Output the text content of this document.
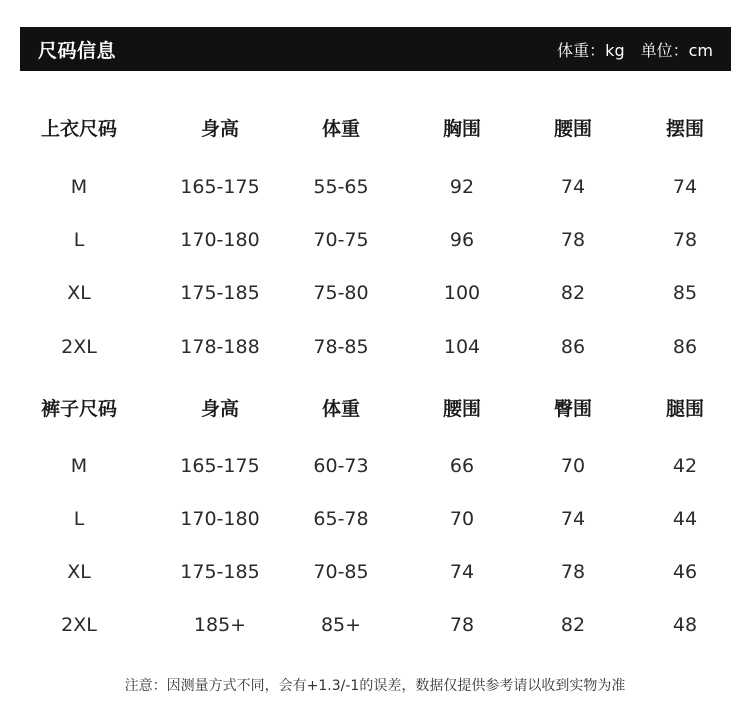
尺码信息	体重：kg 单位：cm
上衣尺码	身高	体重	胸围	腰围	摆围
M	165-175	55-65	92	74	74
L	170-180	70-75	96	78	78
XL	175-185	75-80	100	82	85
2XL	178-188	78-85	104	86	86
裤子尺码	身高	体重	腰围	臀围	腿围
M	165-175	60-73	66	70	42
L	170-180	65-78	70	74	44
XL	175-185	70-85	74	78	46
2XL	185+	85+	78	82	48
注意：因测量方式不同，会有+1.3/-1的误差，数据仅提供参考请以收到实物为准
